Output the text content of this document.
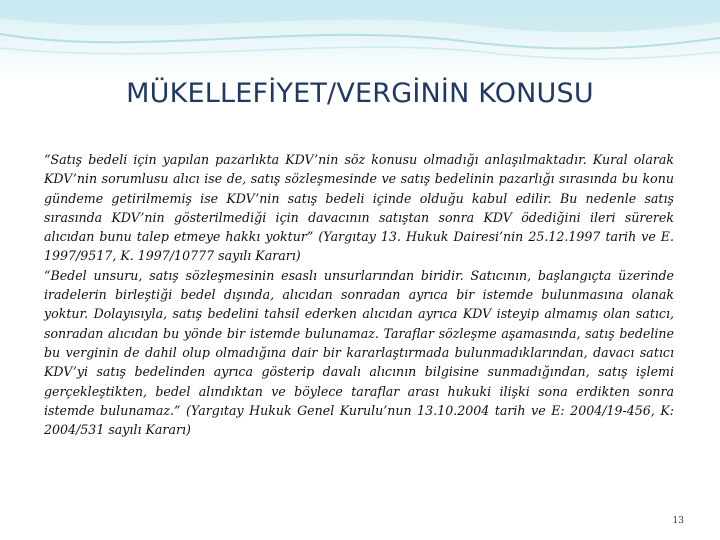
MÜKELLEFİYET/VERGİNİN KONUSU

“Satış bedeli için yapılan pazarlıkta KDV’nin söz konusu olmadığı anlaşılmaktadır. Kural olarak KDV’nin sorumlusu alıcı ise de, satış sözleşmesinde ve satış bedelinin pazarlığı sırasında bu konu gündeme getirilmemiş ise KDV’nin satış bedeli içinde olduğu kabul edilir. Bu nedenle satış sırasında KDV’nin gösterilmediği için davacının satıştan sonra KDV ödediğini ileri sürerek alıcıdan bunu talep etmeye hakkı yoktur” (Yargıtay 13. Hukuk Dairesi’nin 25.12.1997 tarih ve E. 1997/9517, K. 1997/10777 sayılı Kararı)

“Bedel unsuru, satış sözleşmesinin esaslı unsurlarından biridir. Satıcının, başlangıçta üzerinde iradelerin birleştiği bedel dışında, alıcıdan sonradan ayrıca bir istemde bulunmasına olanak yoktur. Dolayısıyla, satış bedelini tahsil ederken alıcıdan ayrıca KDV isteyip almamış olan satıcı, sonradan alıcıdan bu yönde bir istemde bulunamaz. Taraflar sözleşme aşamasında, satış bedeline bu verginin de dahil olup olmadığına dair bir kararlaştırmada bulunmadıklarından, davacı satıcı KDV’yi satış bedelinden ayrıca gösterip davalı alıcının bilgisine sunmadığından, satış işlemi gerçekleştikten, bedel alındıktan ve böylece taraflar arası hukuki ilişki sona erdikten sonra istemde bulunamaz.” (Yargıtay Hukuk Genel Kurulu’nun 13.10.2004 tarih ve E: 2004/19-456, K: 2004/531 sayılı Kararı)

13
